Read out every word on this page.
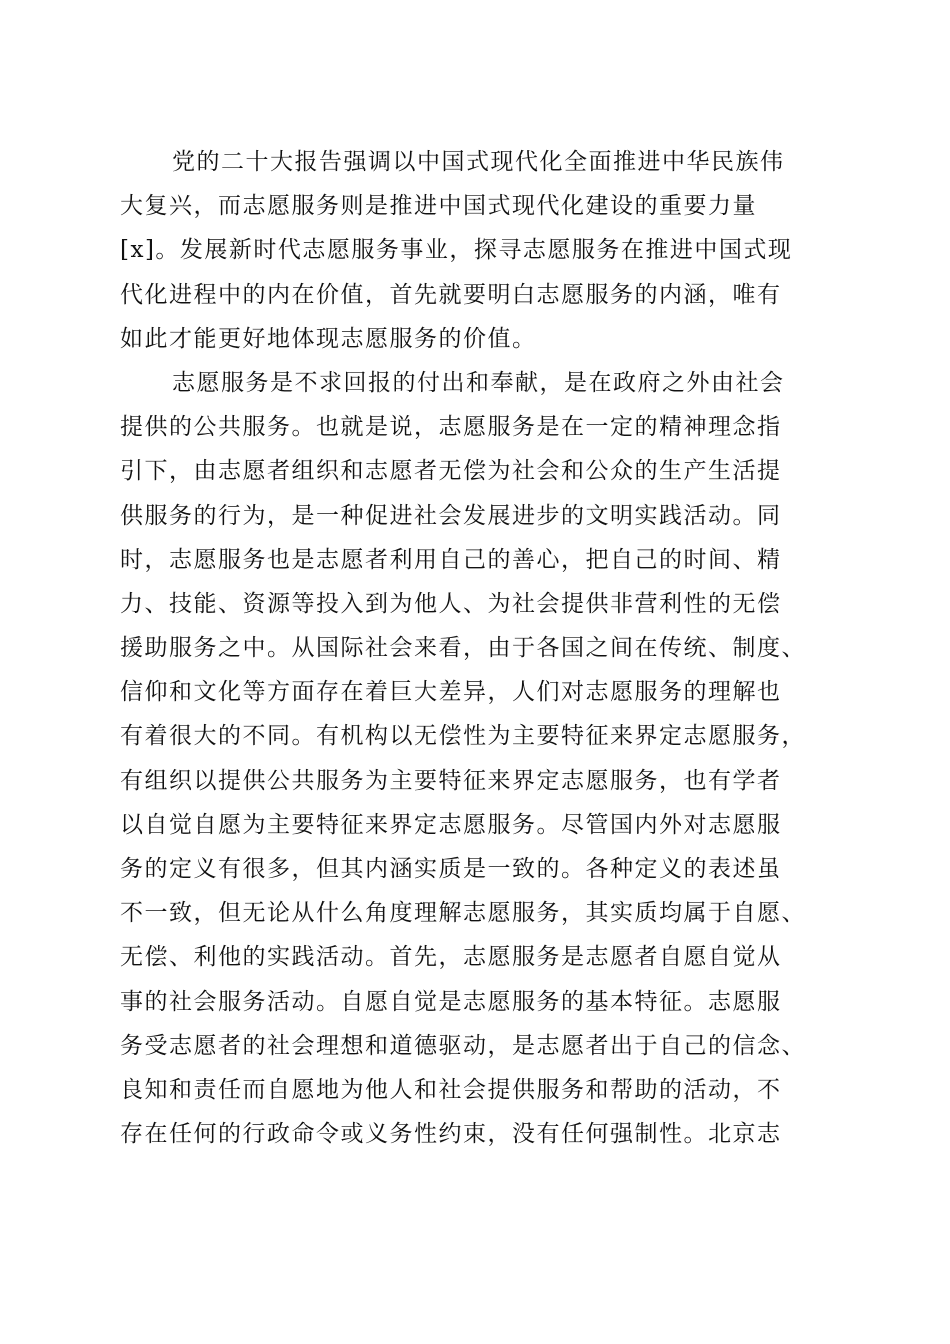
党的二十大报告强调以中国式现代化全面推进中华民族伟
大复兴，而志愿服务则是推进中国式现代化建设的重要力量
[x]。发展新时代志愿服务事业，探寻志愿服务在推进中国式现
代化进程中的内在价值，首先就要明白志愿服务的内涵，唯有
如此才能更好地体现志愿服务的价值。
志愿服务是不求回报的付出和奉献，是在政府之外由社会
提供的公共服务。也就是说，志愿服务是在一定的精神理念指
引下，由志愿者组织和志愿者无偿为社会和公众的生产生活提
供服务的行为，是一种促进社会发展进步的文明实践活动。同
时，志愿服务也是志愿者利用自己的善心，把自己的时间、精
力、技能、资源等投入到为他人、为社会提供非营利性的无偿
援助服务之中。从国际社会来看，由于各国之间在传统、制度、
信仰和文化等方面存在着巨大差异，人们对志愿服务的理解也
有着很大的不同。有机构以无偿性为主要特征来界定志愿服务，
有组织以提供公共服务为主要特征来界定志愿服务，也有学者
以自觉自愿为主要特征来界定志愿服务。尽管国内外对志愿服
务的定义有很多，但其内涵实质是一致的。各种定义的表述虽
不一致，但无论从什么角度理解志愿服务，其实质均属于自愿、
无偿、利他的实践活动。首先，志愿服务是志愿者自愿自觉从
事的社会服务活动。自愿自觉是志愿服务的基本特征。志愿服
务受志愿者的社会理想和道德驱动，是志愿者出于自己的信念、
良知和责任而自愿地为他人和社会提供服务和帮助的活动，不
存在任何的行政命令或义务性约束，没有任何强制性。北京志
